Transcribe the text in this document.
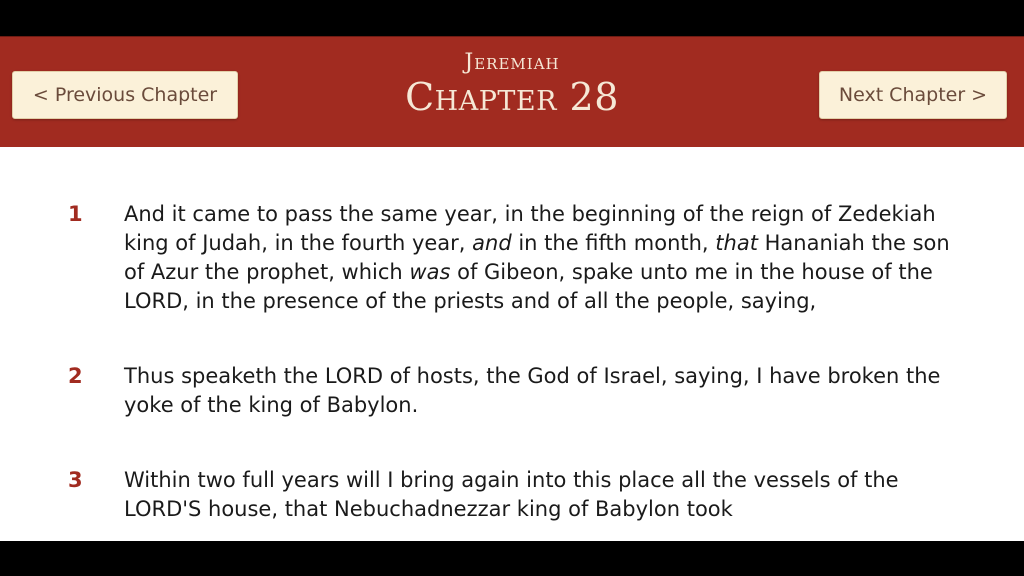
< Previous Chapter
Jeremiah
Chapter 28	Next Chapter >
1 And it came to pass the same year, in the beginning of the reign of Zedekiah king of Judah, in the fourth year, and in the fifth month, that Hananiah the son of Azur the prophet, which was of Gibeon, spake unto me in the house of the LORD, in the presence of the priests and of all the people, saying,
2 Thus speaketh the LORD of hosts, the God of Israel, saying, I have broken the yoke of the king of Babylon.
3 Within two full years will I bring again into this place all the vessels of the LORD'S house, that Nebuchadnezzar king of Babylon took
